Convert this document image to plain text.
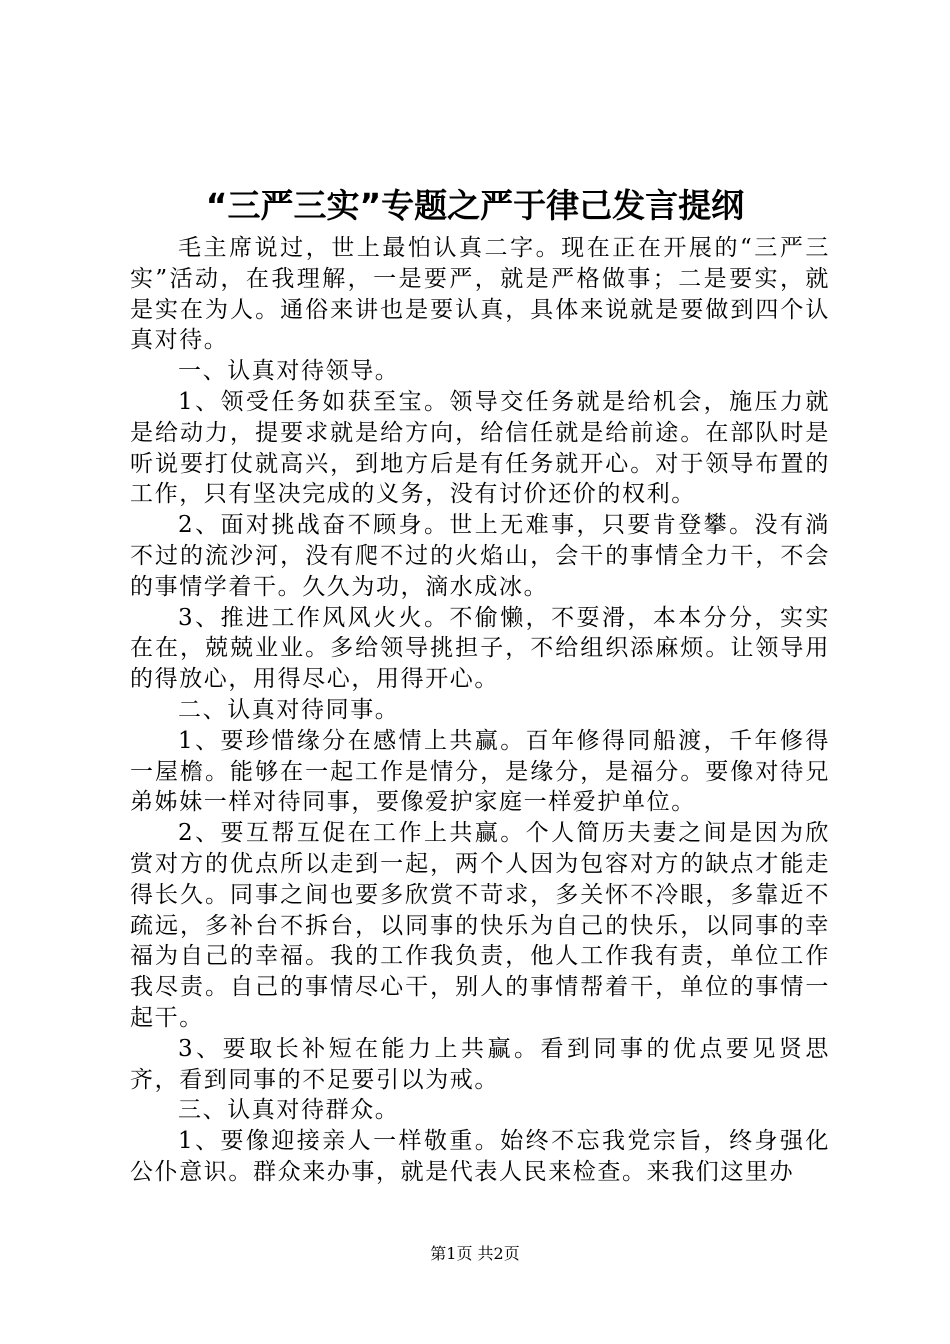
“三严三实”专题之严于律己发言提纲

毛主席说过，世上最怕认真二字。现在正在开展的“三严三实”活动，在我理解，一是要严，就是严格做事；二是要实，就是实在为人。通俗来讲也是要认真，具体来说就是要做到四个认真对待。

一、认真对待领导。

1、领受任务如获至宝。领导交任务就是给机会，施压力就是给动力，提要求就是给方向，给信任就是给前途。在部队时是听说要打仗就高兴，到地方后是有任务就开心。对于领导布置的工作，只有坚决完成的义务，没有讨价还价的权利。

2、面对挑战奋不顾身。世上无难事，只要肯登攀。没有淌不过的流沙河，没有爬不过的火焰山，会干的事情全力干，不会的事情学着干。久久为功，滴水成冰。

3、推进工作风风火火。不偷懒，不耍滑，本本分分，实实在在，兢兢业业。多给领导挑担子，不给组织添麻烦。让领导用的得放心，用得尽心，用得开心。

二、认真对待同事。

1、要珍惜缘分在感情上共赢。百年修得同船渡，千年修得一屋檐。能够在一起工作是情分，是缘分，是福分。要像对待兄弟姊妹一样对待同事，要像爱护家庭一样爱护单位。

2、要互帮互促在工作上共赢。个人简历夫妻之间是因为欣赏对方的优点所以走到一起，两个人因为包容对方的缺点才能走得长久。同事之间也要多欣赏不苛求，多关怀不冷眼，多靠近不疏远，多补台不拆台，以同事的快乐为自己的快乐，以同事的幸福为自己的幸福。我的工作我负责，他人工作我有责，单位工作我尽责。自己的事情尽心干，别人的事情帮着干，单位的事情一起干。

3、要取长补短在能力上共赢。看到同事的优点要见贤思齐，看到同事的不足要引以为戒。

三、认真对待群众。

1、要像迎接亲人一样敬重。始终不忘我党宗旨，终身强化公仆意识。群众来办事，就是代表人民来检查。来我们这里办

第1页 共2页
